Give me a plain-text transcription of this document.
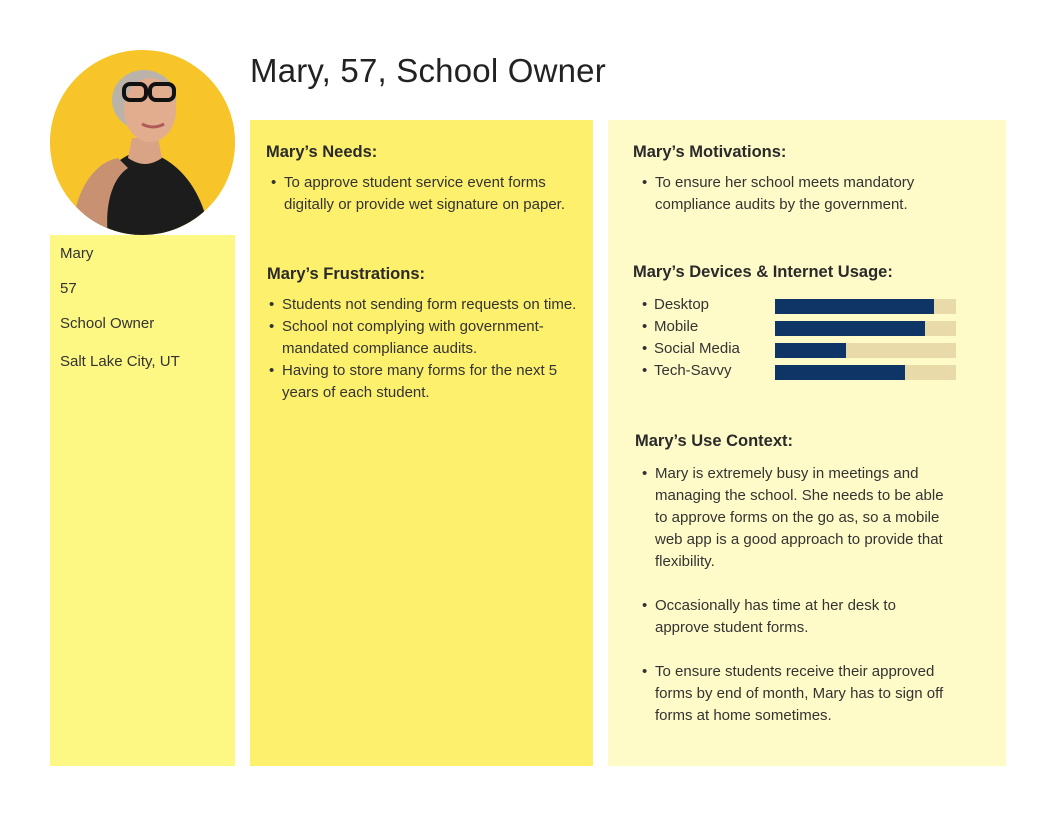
Mary, 57, School Owner
Mary
57
School Owner
Salt Lake City, UT
Mary’s Needs:
• To approve student service event forms digitally or provide wet signature on paper.
Mary’s Frustrations:
• Students not sending form requests on time.
• School not complying with government-mandated compliance audits.
• Having to store many forms for the next 5 years of each student.
Mary’s Motivations:
• To ensure her school meets mandatory compliance audits by the government.
Mary’s Devices & Internet Usage:
• Desktop
• Mobile
• Social Media
• Tech-Savvy
Mary’s Use Context:
• Mary is extremely busy in meetings and managing the school. She needs to be able to approve forms on the go as, so a mobile web app is a good approach to provide that flexibility.
• Occasionally has time at her desk to approve student forms.
• To ensure students receive their approved forms by end of month, Mary has to sign off forms at home sometimes.
